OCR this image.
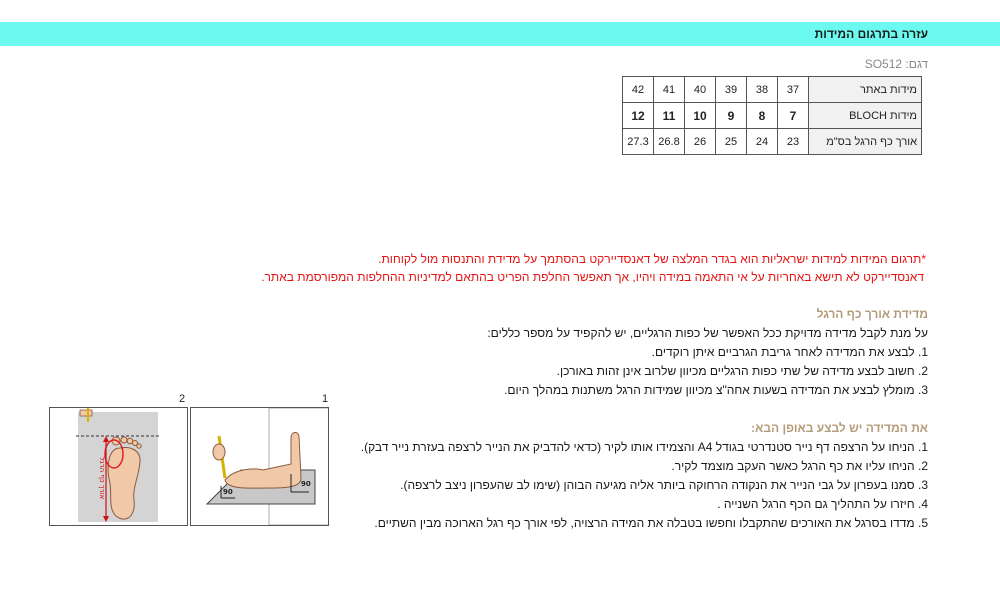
עזרה בתרגום המידות
דגם: SO512
מידות באתר	37	38	39	40	41	42
מידות BLOCH	7	8	9	10	11	12
אורך כף הרגל בס"מ	23	24	25	26	26.8	27.3
*תרגום המידות למידות ישראליות הוא בגדר המלצה של דאנסדיירקט בהסתמך על מדידת והתנסות מול לקוחות.
דאנסדיירקט לא תישא באחריות על אי התאמה במידה ויהיו, אך תאפשר החלפת הפריט בהתאם למדיניות ההחלפות המפורסמת באתר.
מדידת אורך כף הרגל
על מנת לקבל מדידה מדויקת ככל האפשר של כפות הרגליים, יש להקפיד על מספר כללים:
1. לבצע את המדידה לאחר גריבת הגרביים איתן רוקדים.
2. חשוב לבצע מדידה של שתי כפות הרגליים מכיוון שלרוב אינן זהות באורכן.
3. מומלץ לבצע את המדידה בשעות אחה"צ מכיוון שמידות הרגל משתנות במהלך היום.
את המדידה יש לבצע באופן הבא:
1. הניחו על הרצפה דף נייר סטנדרטי בגודל A4 והצמידו אותו לקיר (כדאי להדביק את הנייר לרצפה בעזרת נייר דבק).
2. הניחו עליו את כף הרגל כאשר העקב מוצמד לקיר.
3. סמנו בעפרון על גבי הנייר את הנקודה הרחוקה ביותר אליה מגיעה הבוהן (שימו לב שהעפרון ניצב לרצפה).
4. חיזרו על התהליך גם הכף הרגל השנייה .
5. מדדו בסרגל את האורכים שהתקבלו וחפשו בטבלה את המידה הרצויה, לפי אורך כף רגל הארוכה מבין השתיים.
2	1
אורך כף הרגל	90
90
